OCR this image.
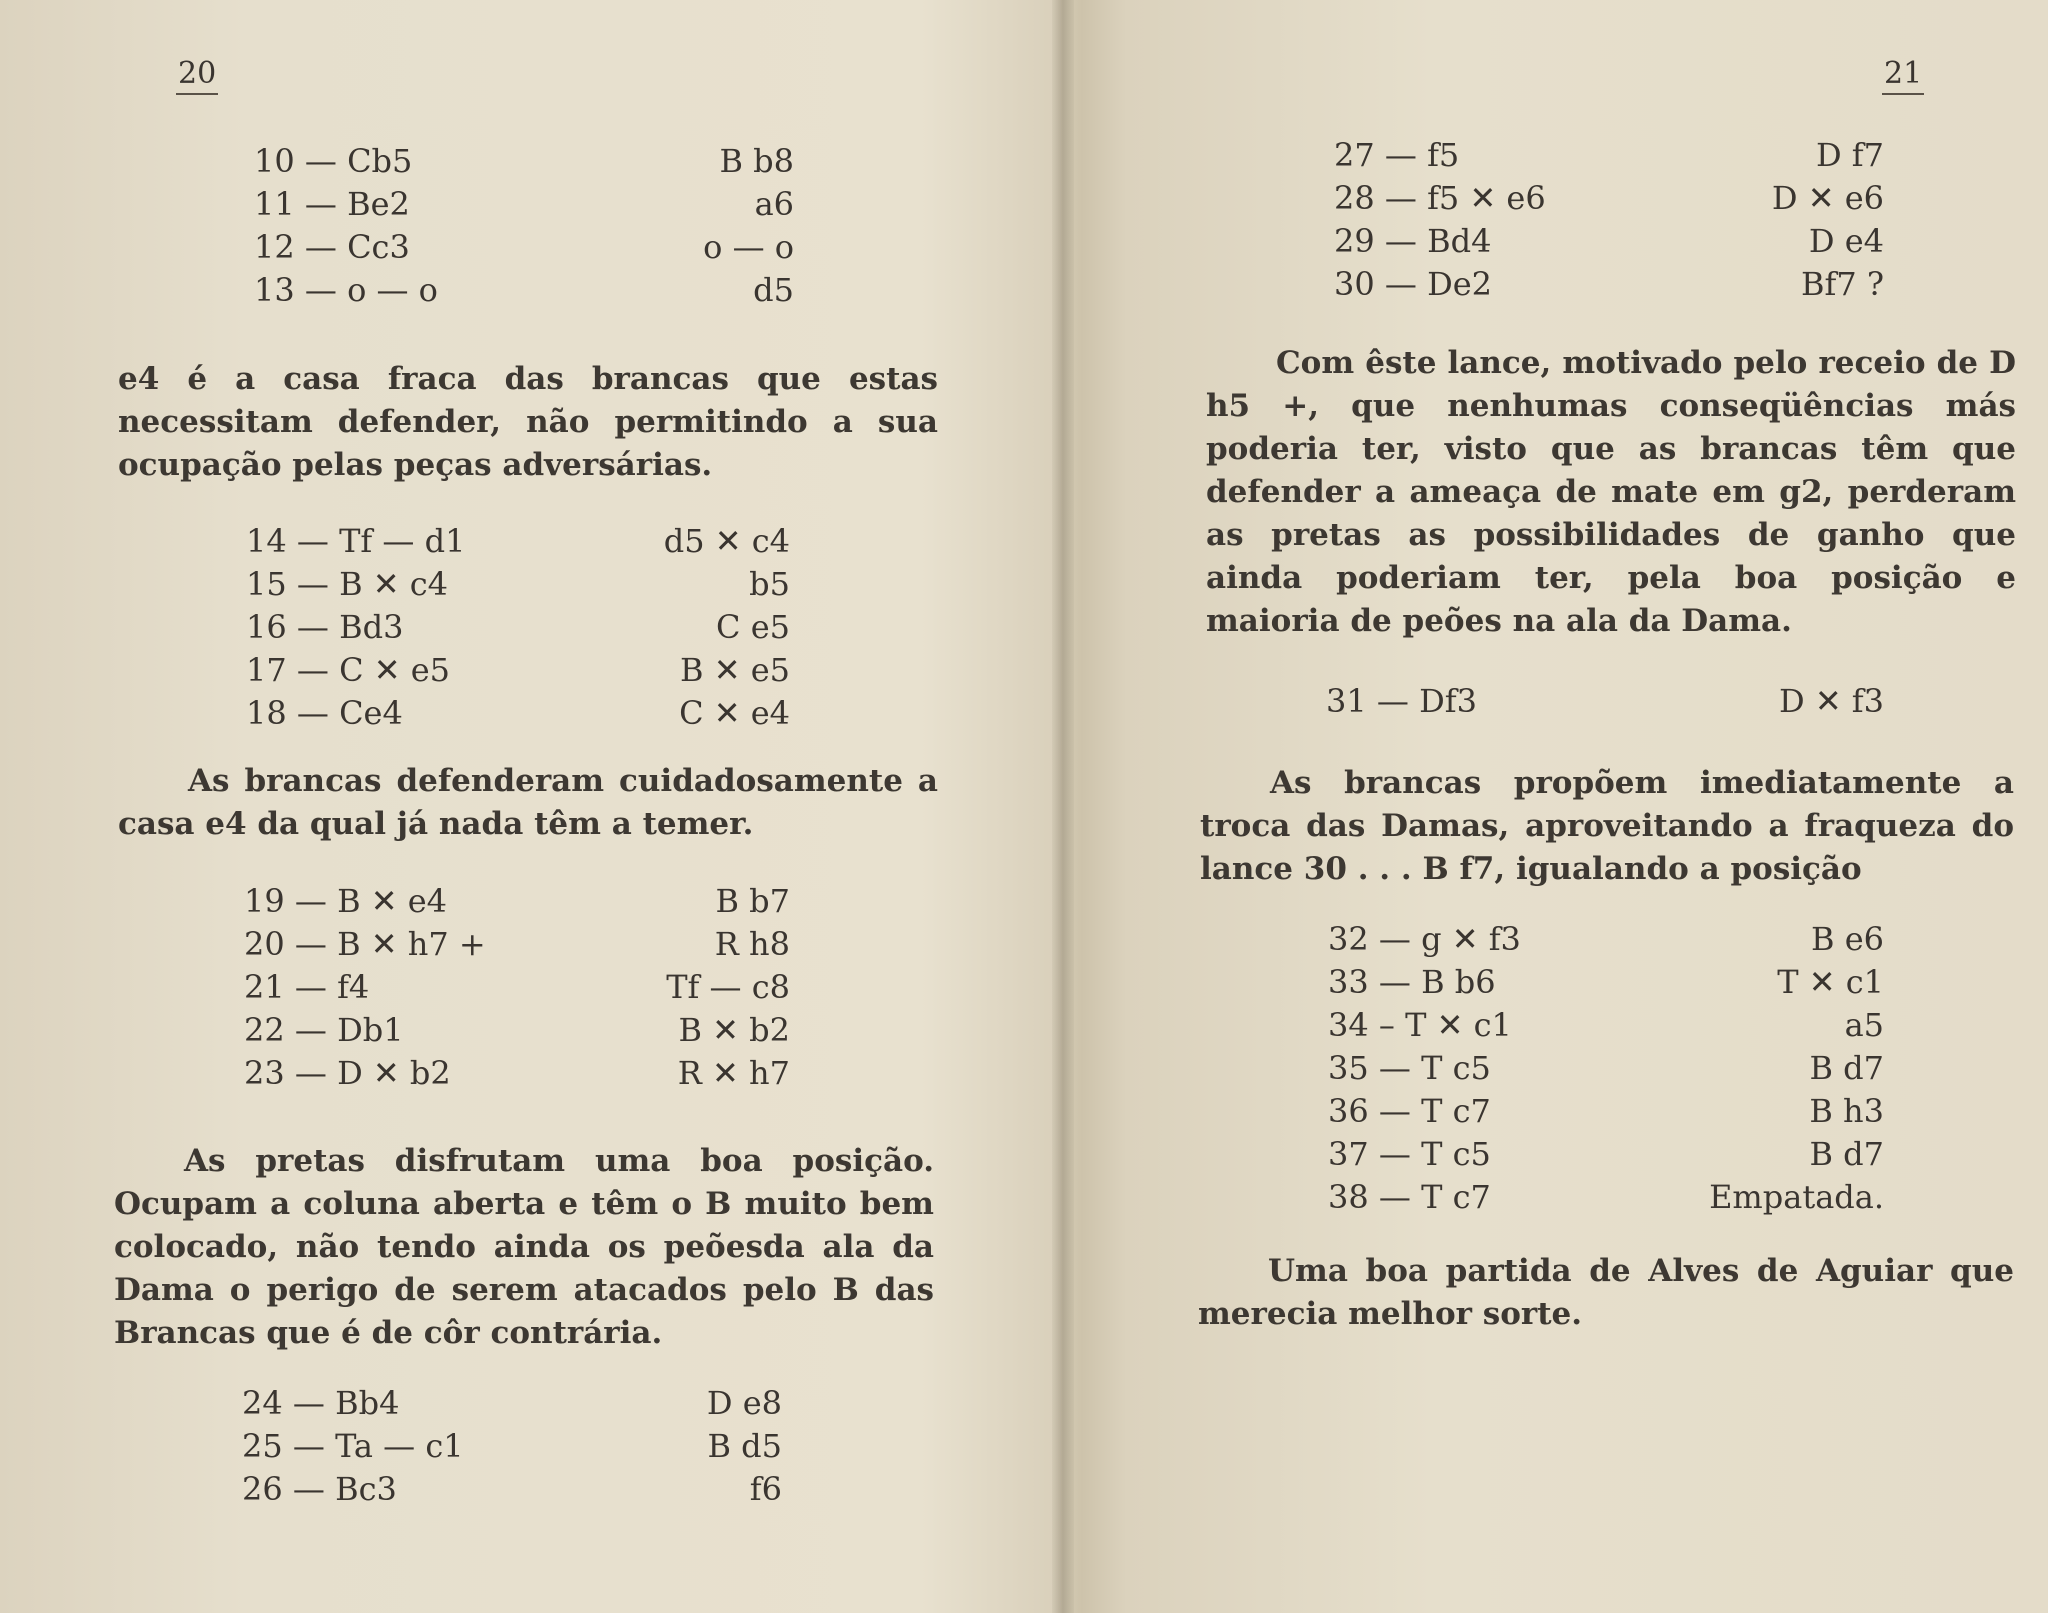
20
10 — Cb5	B b8
11 — Be2	a6
12 — Cc3	o — o
13 — o — o	d5
e4 é a casa fraca das brancas que estas necessitam defender, não permitindo a sua ocupação pelas peças adversárias.
14 — Tf — d1	d5 ✕ c4
15 — B ✕ c4	b5
16 — Bd3	C e5
17 — C ✕ e5	B ✕ e5
18 — Ce4	C ✕ e4
As brancas defenderam cuidadosamente a casa e4 da qual já nada têm a temer.
19 — B ✕ e4	B b7
20 — B ✕ h7 +	R h8
21 — f4	Tf — c8
22 — Db1	B ✕ b2
23 — D ✕ b2	R ✕ h7
As pretas disfrutam uma boa posição. Ocupam a coluna aberta e têm o B muito bem colocado, não tendo ainda os peõesda ala da Dama o perigo de serem atacados pelo B das Brancas que é de côr contrária.
24 — Bb4	D e8
25 — Ta — c1	B d5
26 — Bc3	f6
21
27 — f5	D f7
28 — f5 ✕ e6	D ✕ e6
29 — Bd4	D e4
30 — De2	Bf7 ?
Com êste lance, motivado pelo receio de D h5 +, que nenhumas conseqüências más poderia ter, visto que as brancas têm que defender a ameaça de mate em g2, perderam as pretas as possibilidades de ganho que ainda poderiam ter, pela boa posição e maioria de peões na ala da Dama.
31 — Df3	D ✕ f3
As brancas propõem imediatamente a troca das Damas, aproveitando a fraqueza do lance 30 . . . B f7, igualando a posição
32 — g ✕ f3	B e6
33 — B b6	T ✕ c1
34 – T ✕ c1	a5
35 — T c5	B d7
36 — T c7	B h3
37 — T c5	B d7
38 — T c7	Empatada.
Uma boa partida de Alves de Aguiar que merecia melhor sorte.
